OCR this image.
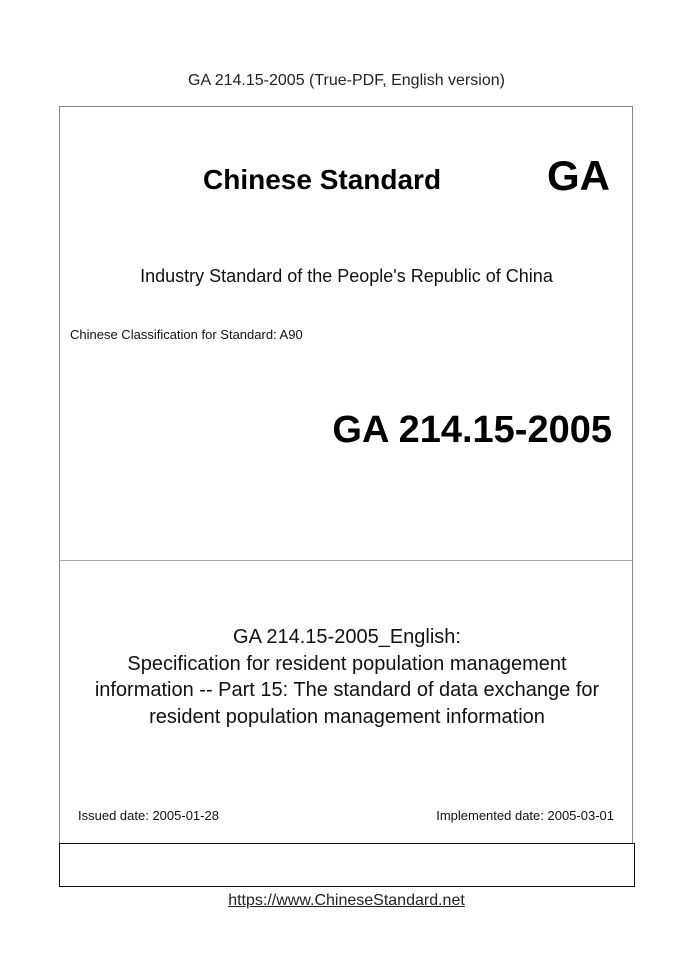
GA 214.15-2005 (True-PDF, English version)
Chinese Standard	GA
Industry Standard of the People's Republic of China
Chinese Classification for Standard: A90
GA 214.15-2005
GA 214.15-2005_English:
Specification for resident population management
information -- Part 15: The standard of data exchange for
resident population management information
Issued date: 2005-01-28	Implemented date: 2005-03-01
https://www.ChineseStandard.net
